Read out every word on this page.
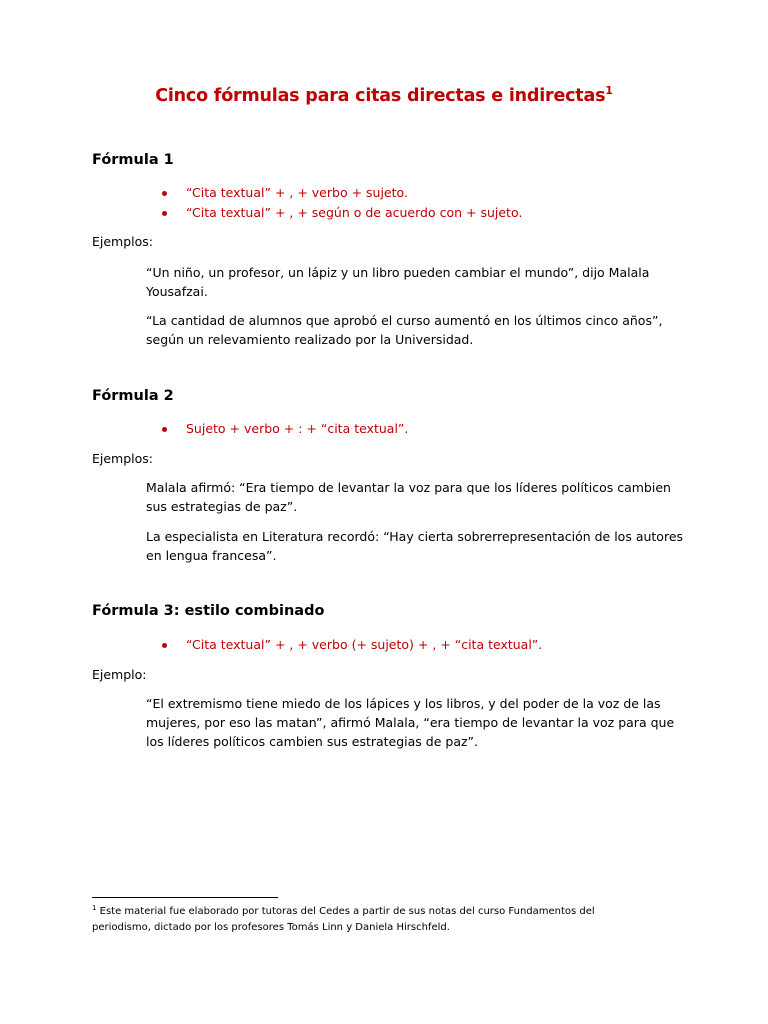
Cinco fórmulas para citas directas e indirectas$^1$
Fórmula 1
“Cita textual” + , + verbo + sujeto.
“Cita textual” + , + según o de acuerdo con + sujeto.
Ejemplos:

“Un niño, un profesor, un lápiz y un libro pueden cambiar el mundo”, dijo Malala Yousafzai.

“La cantidad de alumnos que aprobó el curso aumentó en los últimos cinco años”, según un relevamiento realizado por la Universidad.

Fórmula 2
Sujeto + verbo + : + “cita textual”.
Ejemplos:

Malala afirmó: “Era tiempo de levantar la voz para que los líderes políticos cambien sus estrategias de paz”.

La especialista en Literatura recordó: “Hay cierta sobrerrepresentación de los autores en lengua francesa”.

Fórmula 3: estilo combinado
“Cita textual” + , + verbo (+ sujeto) + , + “cita textual”.
Ejemplo:

“El extremismo tiene miedo de los lápices y los libros, y del poder de la voz de las mujeres, por eso las matan”, afirmó Malala, “era tiempo de levantar la voz para que los líderes políticos cambien sus estrategias de paz”.

$^1$ Este material fue elaborado por tutoras del Cedes a partir de sus notas del curso Fundamentos del periodismo, dictado por los profesores Tomás Linn y Daniela Hirschfeld.
